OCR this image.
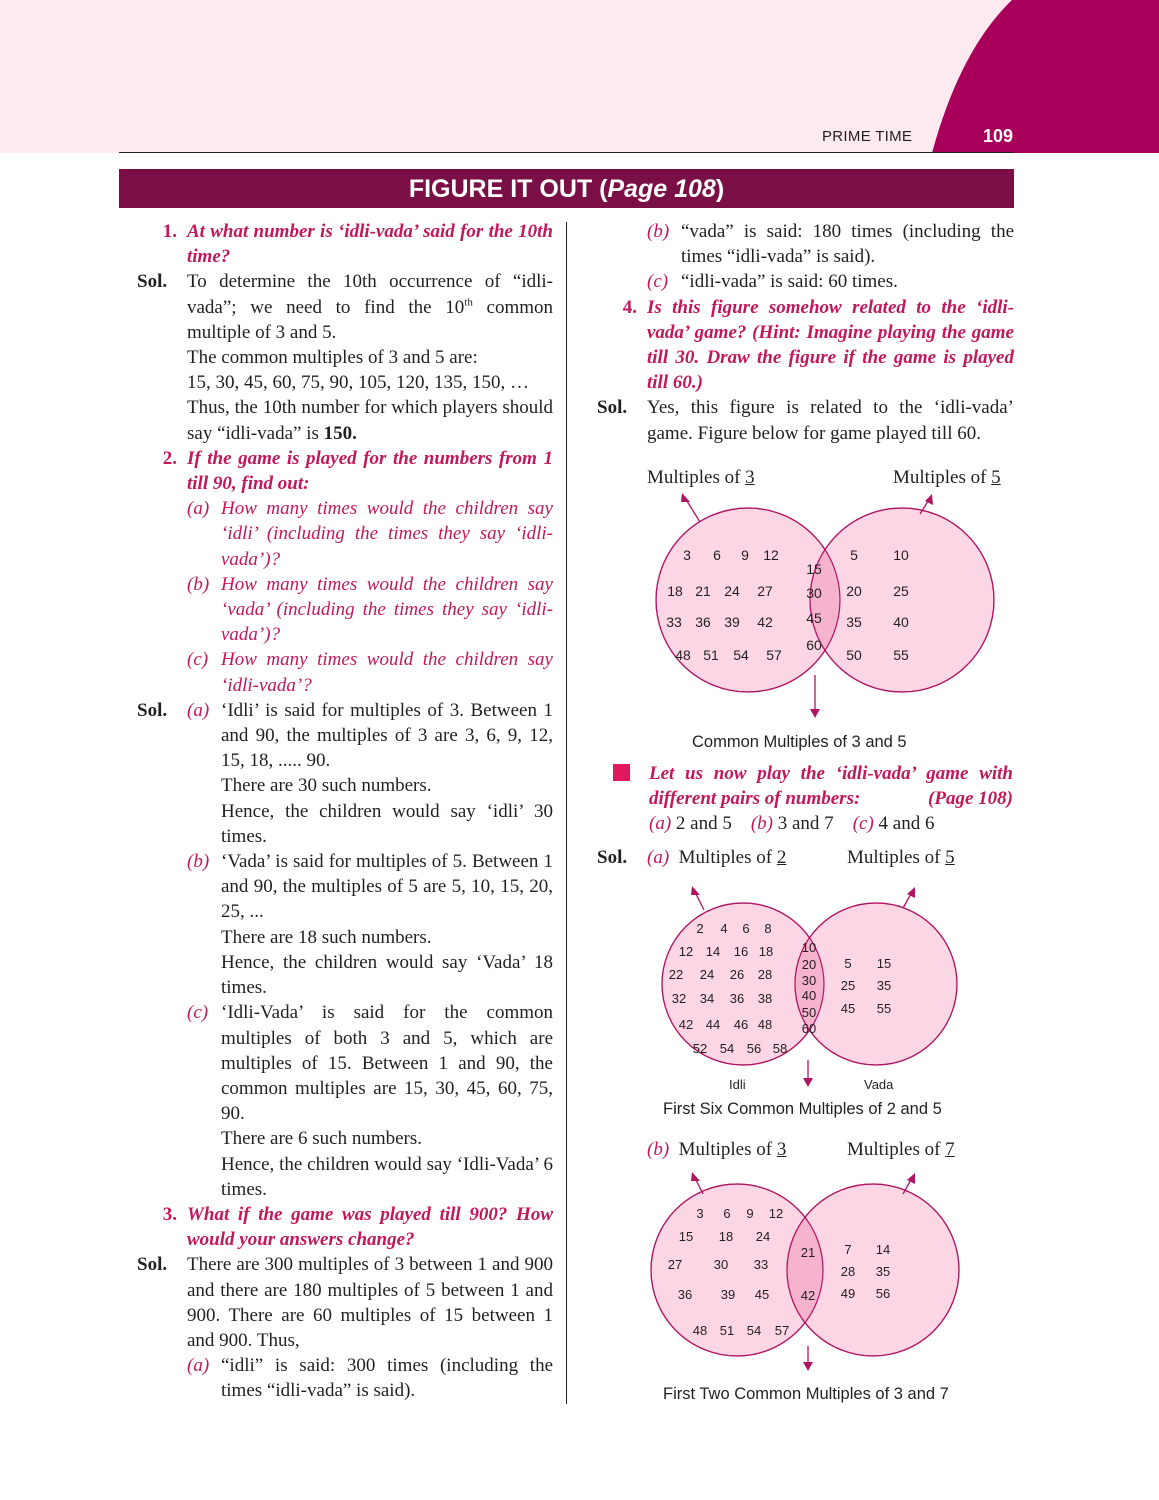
PRIME TIME	109
FIGURE IT OUT (Page 108)
1. At what number is ‘idli-vada’ said for the 10th time?
Sol.	To determine the 10th occurrence of “idli-vada”; we need to find the 10th common multiple of 3 and 5.
The common multiples of 3 and 5 are:
15, 30, 45, 60, 75, 90, 105, 120, 135, 150, …
Thus, the 10th number for which players should say “idli-vada” is 150.
2. If the game is played for the numbers from 1 till 90, find out:
(a) How many times would the children say ‘idli’ (including the times they say ‘idli-vada’)?
(b) How many times would the children say ‘vada’ (including the times they say ‘idli-vada’)?
(c) How many times would the children say ‘idli-vada’?
Sol.	(a) ‘Idli’ is said for multiples of 3. Between 1 and 90, the multiples of 3 are 3, 6, 9, 12, 15, 18, ..... 90.
There are 30 such numbers.
Hence, the children would say ‘idli’ 30 times.
(b) ‘Vada’ is said for multiples of 5. Between 1 and 90, the multiples of 5 are 5, 10, 15, 20, 25, ...
There are 18 such numbers.
Hence, the children would say ‘Vada’ 18 times.
(c) ‘Idli-Vada’ is said for the common multiples of both 3 and 5, which are multiples of 15. Between 1 and 90, the common multiples are 15, 30, 45, 60, 75, 90.
There are 6 such numbers.
Hence, the children would say ‘Idli-Vada’ 6 times.
3. What if the game was played till 900? How would your answers change?
Sol.	There are 300 multiples of 3 between 1 and 900 and there are 180 multiples of 5 between 1 and 900. There are 60 multiples of 15 between 1 and 900. Thus,
(a) “idli” is said: 300 times (including the times “idli-vada” is said).
(b) “vada” is said: 180 times (including the times “idli-vada” is said).
(c) “idli-vada” is said: 60 times.
4. Is this figure somehow related to the ‘idli-vada’ game? (Hint: Imagine playing the game till 30. Draw the figure if the game is played till 60.)
Sol.	Yes, this figure is related to the ‘idli-vada’ game. Figure below for game played till 60.
Multiples of 3	Multiples of 5
3 6 9 12
18 21 24 27
33 36 39 42
48 51 54 57
15
30
45
60
5	10
20 25
35 40
50 55
Common Multiples of 3 and 5
Let us now play the ‘idli-vada’ game with different pairs of numbers:	(Page 108)
(a) 2 and 5 (b) 3 and 7 (c) 4 and 6
Sol.	(a) Multiples of 2	Multiples of 5
2 4 6 8
12 14 16 18
22 24 26 28
32 34 36 38
42 44 46 48
52 54 56 58
10
20
30
40
50
60
5 15
25 35
45 55
Idli	Vada
First Six Common Multiples of 2 and 5
(b) Multiples of 3	Multiples of 7
3 6 9 12
15 18 24
27 30 33
36 39 45
48 51 54 57
21
42
7 14
28 35
49 56
First Two Common Multiples of 3 and 7
